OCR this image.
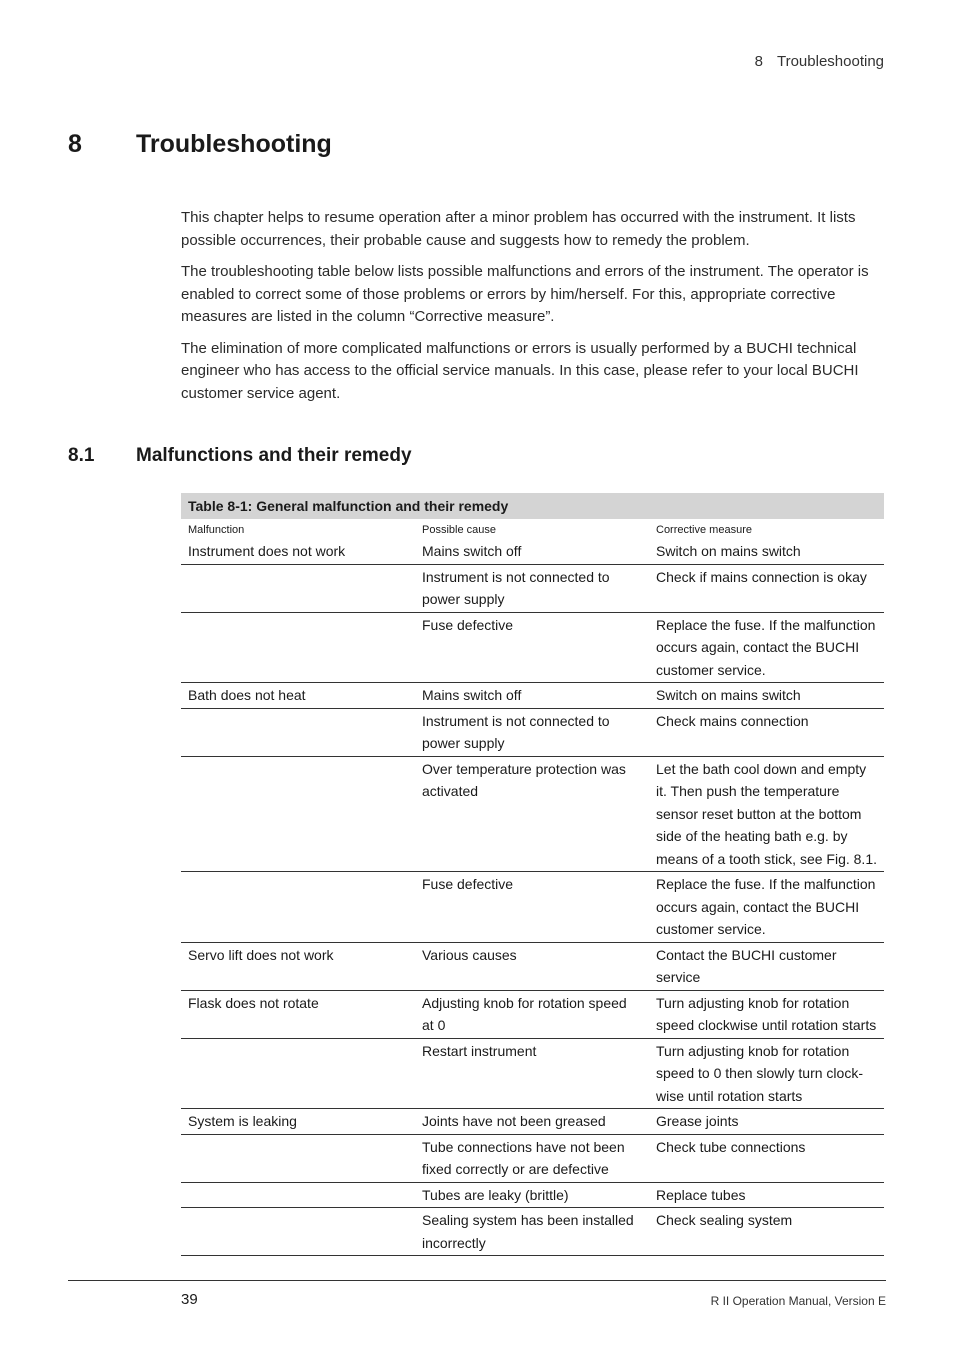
8 Troubleshooting
8 Troubleshooting

This chapter helps to resume operation after a minor problem has occurred with the instrument. It lists possible occurrences, their probable cause and suggests how to remedy the problem.

The troubleshooting table below lists possible malfunctions and errors of the instrument. The operator is enabled to correct some of those problems or errors by him/herself. For this, appropriate corrective measures are listed in the column “Corrective measure”.

The elimination of more complicated malfunctions or errors is usually performed by a BUCHI technical engineer who has access to the official service manuals. In this case, please refer to your local BUCHI customer service agent.

8.1 Malfunctions and their remedy
Table 8-1: General malfunction and their remedy
Malfunction	Possible cause	Corrective measure
Instrument does not work	Mains switch off	Switch on mains switch
	Instrument is not connected to power supply	Check if mains connection is okay
	Fuse defective	Replace the fuse. If the malfunction occurs again, contact the BUCHI customer service.
Bath does not heat	Mains switch off	Switch on mains switch
	Instrument is not connected to power supply	Check mains connection
	Over temperature protection was activated	Let the bath cool down and empty it. Then push the temperature sensor reset button at the bottom side of the heating bath e.g. by means of a tooth stick, see Fig. 8.1.
	Fuse defective	Replace the fuse. If the malfunction occurs again, contact the BUCHI customer service.
Servo lift does not work	Various causes	Contact the BUCHI customer service
Flask does not rotate	Adjusting knob for rotation speed at 0	Turn adjusting knob for rotation speed clockwise until rotation starts
	Restart instrument	Turn adjusting knob for rotation speed to 0 then slowly turn clock-wise until rotation starts
System is leaking	Joints have not been greased	Grease joints
	Tube connections have not been fixed correctly or are defective	Check tube connections
	Tubes are leaky (brittle)	Replace tubes
	Sealing system has been installed incorrectly	Check sealing system
39	R II Operation Manual, Version E
